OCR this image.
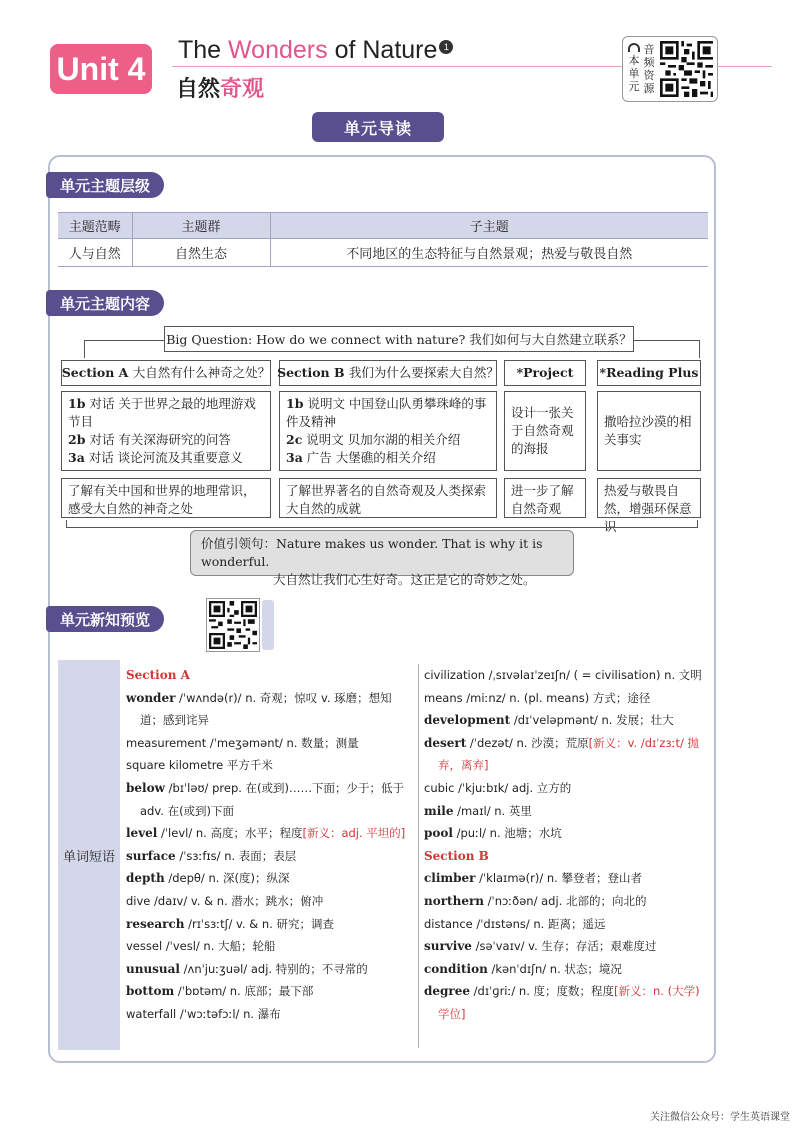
Unit 4
The Wonders of Nature $^1$
自然奇观
本
单
元
音
频
资
源
单元导读
单元主题层级
主题范畴	主题群	子主题
人与自然	自然生态	不同地区的生态特征与自然景观；热爱与敬畏自然
单元主题内容
Big Question: How do we connect with nature? 我们如何与大自然建立联系？
Section A
大自然有什么神奇之处？ Section B
我们为什么要探索大自然？	*Project	*Reading Plus
1b 对话 关于世界之最的地理游戏节目
2b 对话 有关深海研究的问答
3a 对话 谈论河流及其重要意义
1b 说明文 中国登山队勇攀珠峰的事件及精神
2c 说明文 贝加尔湖的相关介绍
3a 广告 大堡礁的相关介绍
设计一张关于自然奇观的海报
撒哈拉沙漠的相关事实
了解有关中国和世界的地理常识，感受大自然的神奇之处
了解世界著名的自然奇观及人类探索大自然的成就
进一步了解自然奇观
热爱与敬畏自然，增强环保意识
价值引领句：Nature makes us wonder. That is why it is wonderful.
大自然让我们心生好奇。这正是它的奇妙之处。
单元新知预览
单词短语
Section A
wonder /ˈwʌndə(r)/ n. 奇观；惊叹 v. 琢磨；想知道；感到诧异
measurement /ˈmeʒəmənt/ n. 数量；测量
square kilometre 平方千米
below /bɪˈləʊ/ prep. 在(或到)……下面；少于；低于 adv. 在(或到)下面
level /ˈlevl/ n. 高度；水平；程度[新义：adj. 平坦的]
surface /ˈsɜːfɪs/ n. 表面；表层
depth /depθ/ n. 深(度)；纵深
dive /daɪv/ v. & n. 潜水；跳水；俯冲
research /rɪˈsɜːtʃ/ v. & n. 研究；调查
vessel /ˈvesl/ n. 大船；轮船
unusual /ʌnˈjuːʒuəl/ adj. 特别的；不寻常的
bottom /ˈbɒtəm/ n. 底部；最下部
waterfall /ˈwɔːtəfɔːl/ n. 瀑布
civilization /ˌsɪvəlaɪˈzeɪʃn/ ( = civilisation) n. 文明
means /miːnz/ n. (pl. means) 方式；途径
development /dɪˈveləpmənt/ n. 发展；壮大
desert /ˈdezət/ n. 沙漠；荒原[新义：v. /dɪˈzɜːt/ 抛弃，离弃]
cubic /ˈkjuːbɪk/ adj. 立方的
mile /maɪl/ n. 英里
pool /puːl/ n. 池塘；水坑
Section B
climber /ˈklaɪmə(r)/ n. 攀登者；登山者
northern /ˈnɔːðən/ adj. 北部的；向北的
distance /ˈdɪstəns/ n. 距离；遥远
survive /səˈvaɪv/ v. 生存；存活；艰难度过
condition /kənˈdɪʃn/ n. 状态；境况
degree /dɪˈɡriː/ n. 度；度数；程度[新义：n. (大学)学位]
关注微信公众号：学生英语课堂
